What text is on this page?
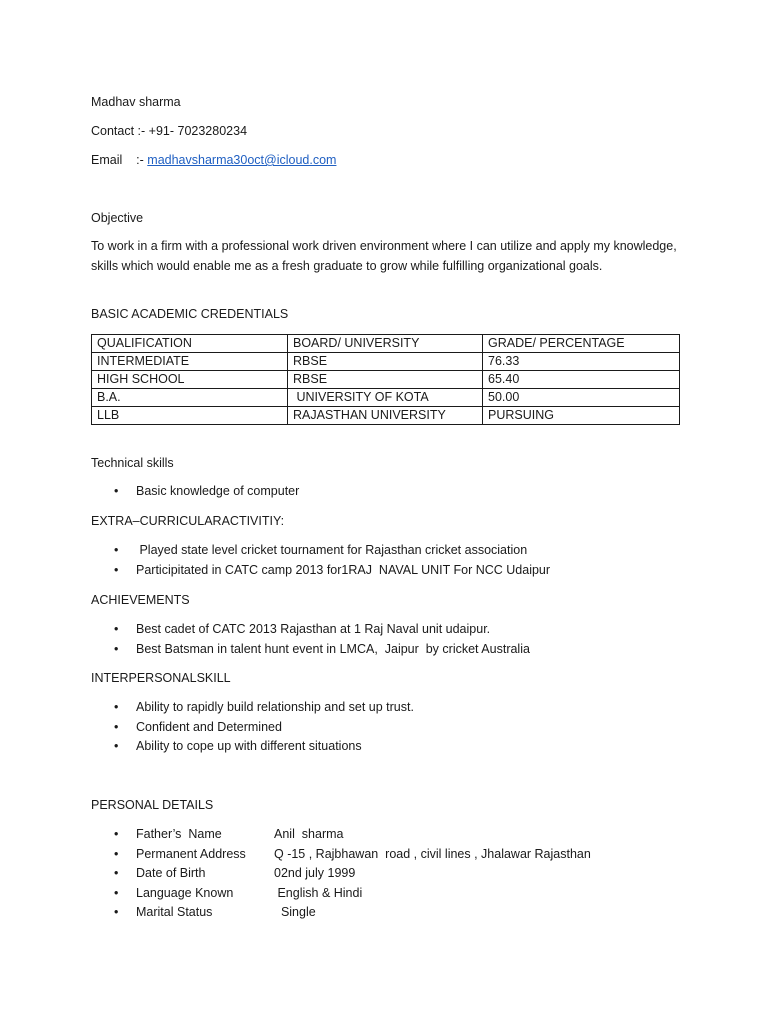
Madhav sharma
Contact :- +91- 7023280234
Email    :- madhavsharma30oct@icloud.com
Objective
To work in a firm with a professional work driven environment where I can utilize and apply my knowledge, skills which would enable me as a fresh graduate to grow while fulfilling organizational goals.
BASIC ACADEMIC CREDENTIALS
QUALIFICATION	BOARD/ UNIVERSITY	GRADE/ PERCENTAGE
INTERMEDIATE	RBSE	76.33
HIGH SCHOOL	RBSE	65.40
B.A.	UNIVERSITY OF KOTA	50.00
LLB	RAJASTHAN UNIVERSITY	PURSUING
Technical skills
• Basic knowledge of computer
EXTRA–CURRICULARACTIVITIY:
• Played state level cricket tournament for Rajasthan cricket association
• Participitated in CATC camp 2013 for1RAJ  NAVAL UNIT For NCC Udaipur
ACHIEVEMENTS
• Best cadet of CATC 2013 Rajasthan at 1 Raj Naval unit udaipur.
• Best Batsman in talent hunt event in LMCA,  Jaipur  by cricket Australia
INTERPERSONALSKILL
• Ability to rapidly build relationship and set up trust.
• Confident and Determined
• Ability to cope up with different situations
PERSONAL DETAILS
• Father’s  Name	Anil  sharma
• Permanent Address Q -15 , Rajbhawan  road , civil lines , Jhalawar Rajasthan
• Date of Birth	02nd july 1999
• Language Known	English & Hindi
• Marital Status	Single
